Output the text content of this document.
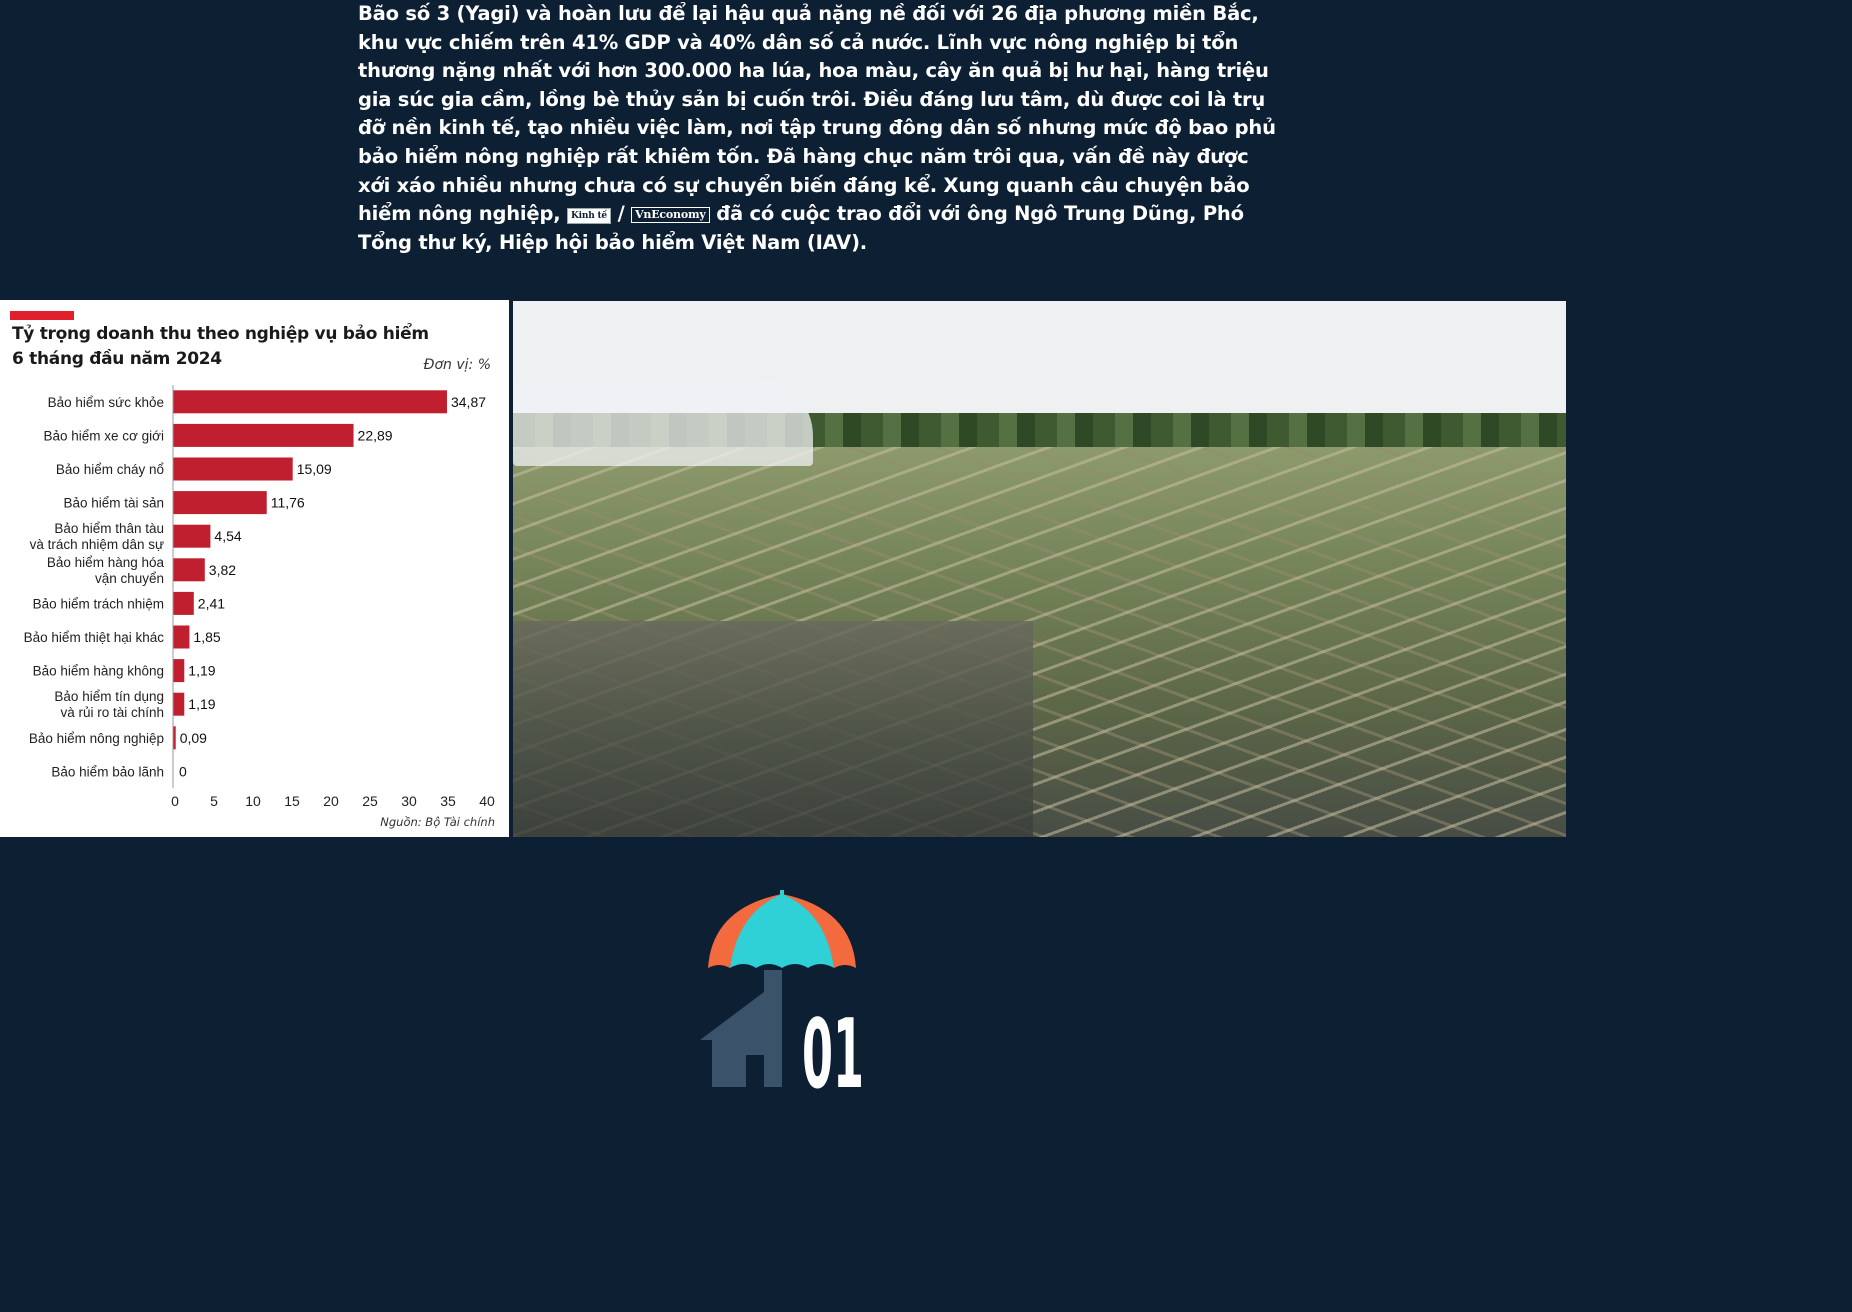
Bão số 3 (Yagi) và hoàn lưu để lại hậu quả nặng nề đối với 26 địa phương miền Bắc,
khu vực chiếm trên 41% GDP và 40% dân số cả nước. Lĩnh vực nông nghiệp bị tổn
thương nặng nhất với hơn 300.000 ha lúa, hoa màu, cây ăn quả bị hư hại, hàng triệu
gia súc gia cầm, lồng bè thủy sản bị cuốn trôi. Điều đáng lưu tâm, dù được coi là trụ
đỡ nền kinh tế, tạo nhiều việc làm, nơi tập trung đông dân số nhưng mức độ bao phủ
bảo hiểm nông nghiệp rất khiêm tốn. Đã hàng chục năm trôi qua, vấn đề này được
xới xáo nhiều nhưng chưa có sự chuyển biến đáng kể. Xung quanh câu chuyện bảo
hiểm nông nghiệp, Kinh tế / VnEconomy đã có cuộc trao đổi với ông Ngô Trung Dũng, Phó
Tổng thư ký, Hiệp hội bảo hiểm Việt Nam (IAV).
Tỷ trọng doanh thu theo nghiệp vụ bảo hiểm
6 tháng đầu năm 2024	Đơn vị: %
34,87
Bảo hiểm sức khỏe
22,89
Bảo hiểm xe cơ giới
15,09
Bảo hiểm cháy nổ
11,76
Bảo hiểm tài sản
4,54
Bảo hiểm thân tàu
và trách nhiệm dân sự
3,82
Bảo hiểm hàng hóa
vận chuyển
2,41
Bảo hiểm trách nhiệm
1,85
Bảo hiểm thiệt hại khác
1,19
Bảo hiểm hàng không
1,19
Bảo hiểm tín dụng
và rủi ro tài chính
0,09
Bảo hiểm nông nghiệp
0
Bảo hiểm bảo lãnh
0 5 10 15 20 25 30 35 40
Nguồn: Bộ Tài chính
01
